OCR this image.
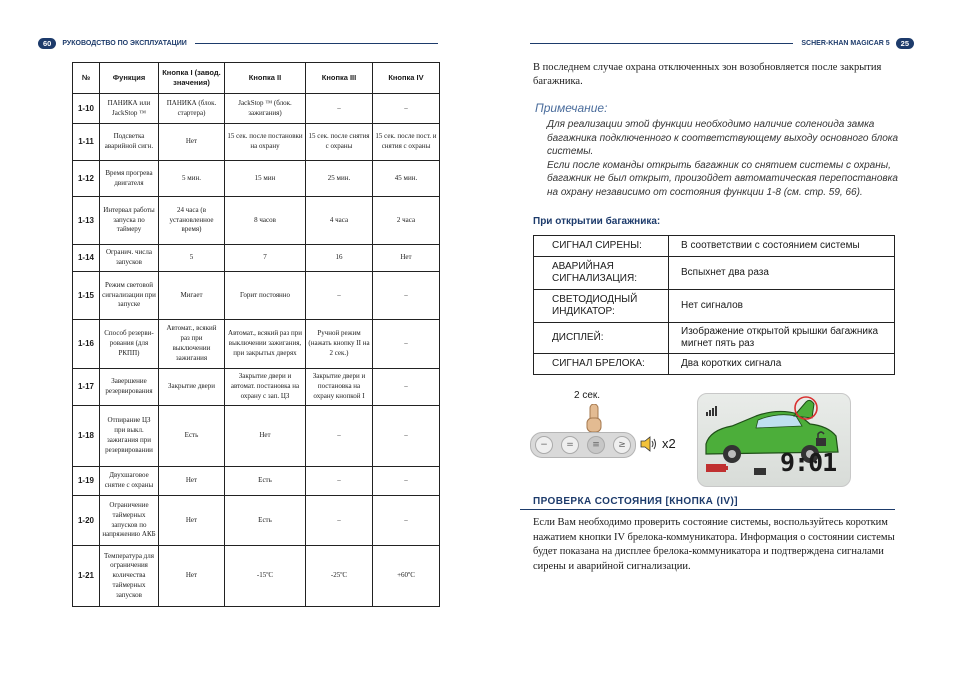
60	РУКОВОДСТВО ПО ЭКСПЛУАТАЦИИ	SCHER-KHAN MAGICAR 5	25
№	Функция	Кнопка I (завод. значения)	Кнопка II	Кнопка III	Кнопка IV
1-10	ПАНИКА или JackStop ™	ПАНИКА (блок. стартера)	JackStop ™ (блок. зажигания)	–	–
1-11	Подсветка аварийной сигн.	Нет	15 сек. после постановки на охрану	15 сек. после снятия с охраны	15 сек. после пост. и снятия с охраны
1-12	Время прогрева двигателя	5 мин.	15 мин	25 мин.	45 мин.
1-13	Интервал работы запуска по таймеру	24 часа (в установленное время)	8 часов	4 часа	2 часа
1-14	Огранич. числа запусков	5	7	16	Нет
1-15	Режим световой сигнализации при запуске	Мигает	Горит постоянно	–	–
1-16	Способ резерви- рования (для РКПП)	Автомат., всякий раз при выключении зажигания	Автомат., всякий раз при выключении зажигания, при закрытых дверях	Ручной режим (нажать кнопку II на 2 сек.)	–
1-17	Завершение резервирования	Закрытие двери	Закрытие двери и автомат. постановка на охрану с зап. ЦЗ	Закрытие двери и постановка на охрану кнопкой I	–
1-18	Отпирание ЦЗ при выкл. зажигания при резервировании	Есть	Нет	–	–
1-19	Двухшаговое снятие с охраны	Нет	Есть	–	–
1-20	Ограничение таймерных запусков по напряжению АКБ	Нет	Есть	–	–
1-21	Температура для ограничения количества таймерных запусков	Нет	-15ºС	-25ºС	+60ºС
В последнем случае охрана отключенных зон возобновляется после закрытия багажника.
Примечание:
Для реализации этой функции необходимо наличие соленоида замка багажника подключенного к соответствующему выходу основного блока системы.
Если после команды открыть багажник со снятием системы с охраны, багажник не был открыт, произойдет автоматическая перепостановка на охрану независимо от состояния функции 1-8 (см. стр. 59, 66).
При открытии багажника:
СИГНАЛ СИРЕНЫ:	В соответствии с состоянием системы
АВАРИЙНАЯ СИГНАЛИЗАЦИЯ:	Вспыхнет два раза
СВЕТОДИОДНЫЙ ИНДИКАТОР:	Нет сигналов
ДИСПЛЕЙ:	Изображение открытой крышки багажника мигнет пять раз
СИГНАЛ БРЕЛОКА:	Два коротких сигнала
2 сек.
−	=	≡	≥	x2
9:01
ПРОВЕРКА СОСТОЯНИЯ [КНОПКА (IV)]
Если Вам необходимо проверить состояние системы, воспользуйтесь коротким нажатием кнопки IV брелока-коммуникатора. Информация о состоянии системы будет показана на дисплее брелока-коммуникатора и подтверждена сигналами сирены и аварийной сигнализации.
